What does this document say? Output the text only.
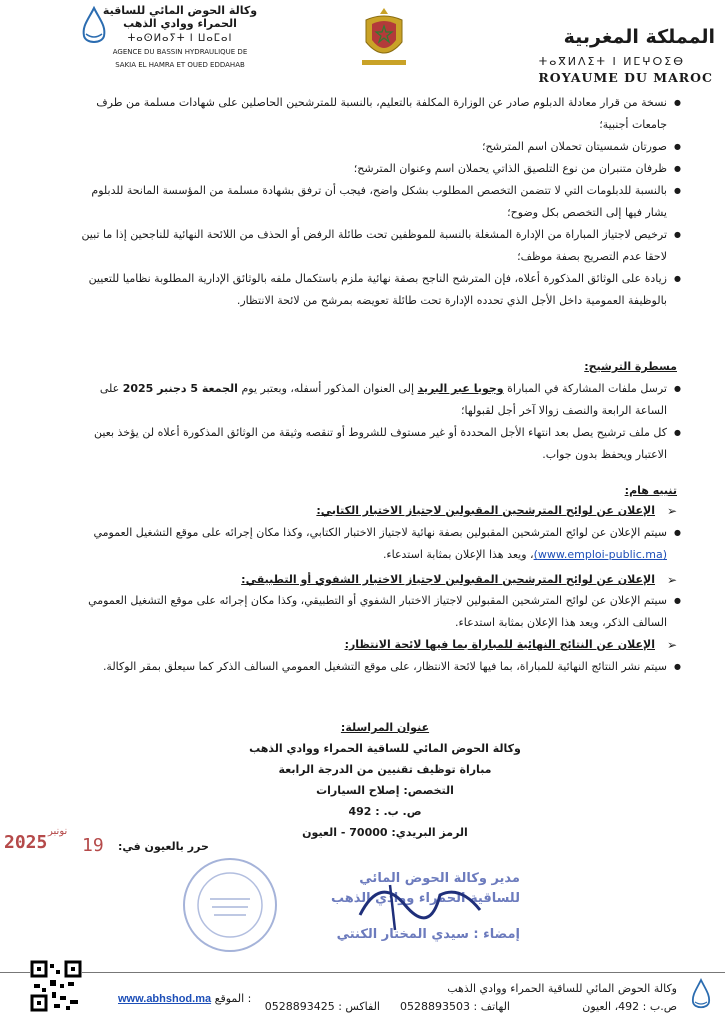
المملكة المغربية
ⵜⴰⴳⵍⴷⵉⵜ ⵏ ⵍⵎⵖⵔⵉⴱ
ROYAUME DU MAROC
وكالة الحوض المائي للساقية الحمراء ووادي الذهب
ⵜⴰⵙⵍⴰⵢⵜ ⵏ ⵡⴰⵎⴰⵏ
AGENCE DU BASSIN HYDRAULIQUE DE
SAKIA EL HAMRA ET OUED EDDAHAB
● نسخة من قرار معادلة الدبلوم صادر عن الوزارة المكلفة بالتعليم، بالنسبة للمترشحين الحاصلين على شهادات مسلمة من طرف جامعات أجنبية؛
● صورتان شمسيتان تحملان اسم المترشح؛
● ظرفان متنبران من نوع التلصيق الذاتي يحملان اسم وعنوان المترشح؛
● بالنسبة للدبلومات التي لا تتضمن التخصص المطلوب بشكل واضح، فيجب أن ترفق بشهادة مسلمة من المؤسسة المانحة للدبلوم يشار فيها إلى التخصص بكل وضوح؛
● ترخيص لاجتياز المباراة من الإدارة المشغلة بالنسبة للموظفين تحت طائلة الرفض أو الحذف من اللائحة النهائية للناجحين إذا ما تبين لاحقا عدم التصريح بصفة موظف؛
● زيادة على الوثائق المذكورة أعلاه، فإن المترشح الناجح بصفة نهائية ملزم باستكمال ملفه بالوثائق الإدارية المطلوبة نظاميا للتعيين بالوظيفة العمومية داخل الأجل الذي تحدده الإدارة تحت طائلة تعويضه بمرشح من لائحة الانتظار.
مسطرة الترشيح:
● ترسل ملفات المشاركة في المباراة وجوبا عبر البريد إلى العنوان المذكور أسفله، وبعتبر يوم الجمعة 5 دجنبر 2025 على الساعة الرابعة والنصف زوالا آخر أجل لقبولها؛
● كل ملف ترشيح يصل بعد انتهاء الأجل المحددة أو غير مستوف للشروط أو تنقصه وثيقة من الوثائق المذكورة أعلاه لن يؤخذ بعين الاعتبار ويحفظ بدون جواب.
تنبيه هام:
➢ الإعلان عن لوائح المترشحين المقبولين لاجتياز الاختبار الكتابي:
● سيتم الإعلان عن لوائح المترشحين المقبولين بصفة نهائية لاجتياز الاختبار الكتابي، وكذا مكان إجرائه على موقع التشغيل العمومي (www.emploi-public.ma)، ويعد هذا الإعلان بمثابة استدعاء.
➢ الإعلان عن لوائح المترشحين المقبولين لاجتياز الاختبار الشفوي أو التطبيقي:
● سيتم الإعلان عن لوائح المترشحين المقبولين لاجتياز الاختبار الشفوي أو التطبيقي، وكذا مكان إجرائه على موقع التشغيل العمومي السالف الذكر، ويعد هذا الإعلان بمثابة استدعاء.
➢ الإعلان عن النتائج النهائية للمباراة بما فيها لائحة الانتظار:
● سيتم نشر النتائج النهائية للمباراة، بما فيها لائحة الانتظار، على موقع التشغيل العمومي السالف الذكر كما سيعلق بمقر الوكالة.
عنوان المراسلة:
وكالة الحوض المائي للساقية الحمراء ووادي الذهب
مباراة توظيف تقنيين من الدرجة الرابعة
التخصص: إصلاح السيارات
ص. ب. : 492
الرمز البريدي: 70000 - العيون
2025
نونبر
19 حرر بالعيون في:
مدير وكالة الحوض المائي
للساقية الحمراء ووادي الذهب
إمضاء : سيدي المختار الكنتي
www.abhshod.ma الموقع :
وكالة الحوض المائي للساقية الحمراء ووادي الذهب
ص.ب : 492، العيون
الهاتف : 0528893503
الفاكس : 0528893425
